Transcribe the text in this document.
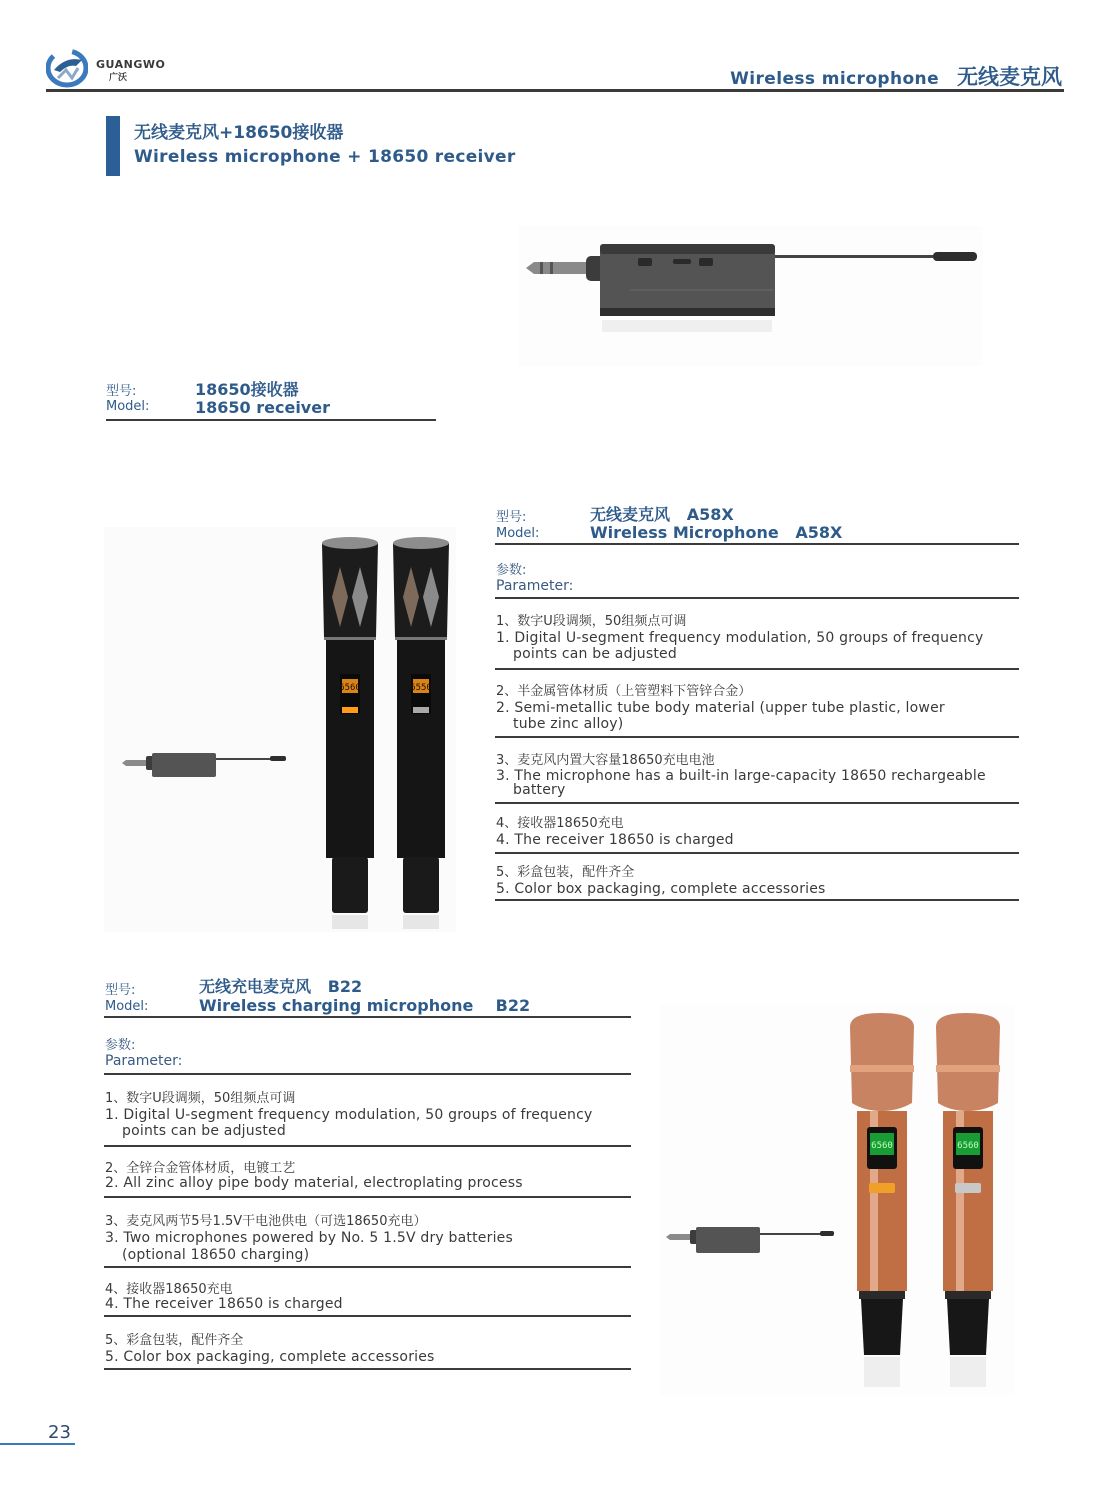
GUANGWO
广沃	Wireless microphone 无线麦克风
无线麦克风+18650接收器
Wireless microphone + 18650 receiver
型号:
Model:
18650接收器
18650 receiver
6560	6550
型号:
Model:
无线麦克风   A58X
Wireless Microphone   A58X
参数:
Parameter:
1、数字U段调频，50组频点可调
1. Digital U-segment frequency modulation, 50 groups of frequency points can be adjusted
2、半金属管体材质（上管塑料下管锌合金）
2. Semi-metallic tube body material (upper tube plastic, lower tube zinc alloy)
3、麦克风内置大容量18650充电电池
3. The microphone has a built-in large-capacity 18650 rechargeable battery
4、接收器18650充电
4. The receiver 18650 is charged
5、彩盒包装，配件齐全
5. Color box packaging, complete accessories
型号:
Model:
无线充电麦克风   B22
Wireless charging microphone    B22
参数:
Parameter:
1、数字U段调频，50组频点可调
1. Digital U-segment frequency modulation, 50 groups of frequency points can be adjusted
2、全锌合金管体材质，电镀工艺
2. All zinc alloy pipe body material, electroplating process
3、麦克风两节5号1.5V干电池供电（可选18650充电）
3. Two microphones powered by No. 5 1.5V dry batteries (optional 18650 charging)
4、接收器18650充电
4. The receiver 18650 is charged
5、彩盒包装，配件齐全
5. Color box packaging, complete accessories
6560	6560
23
